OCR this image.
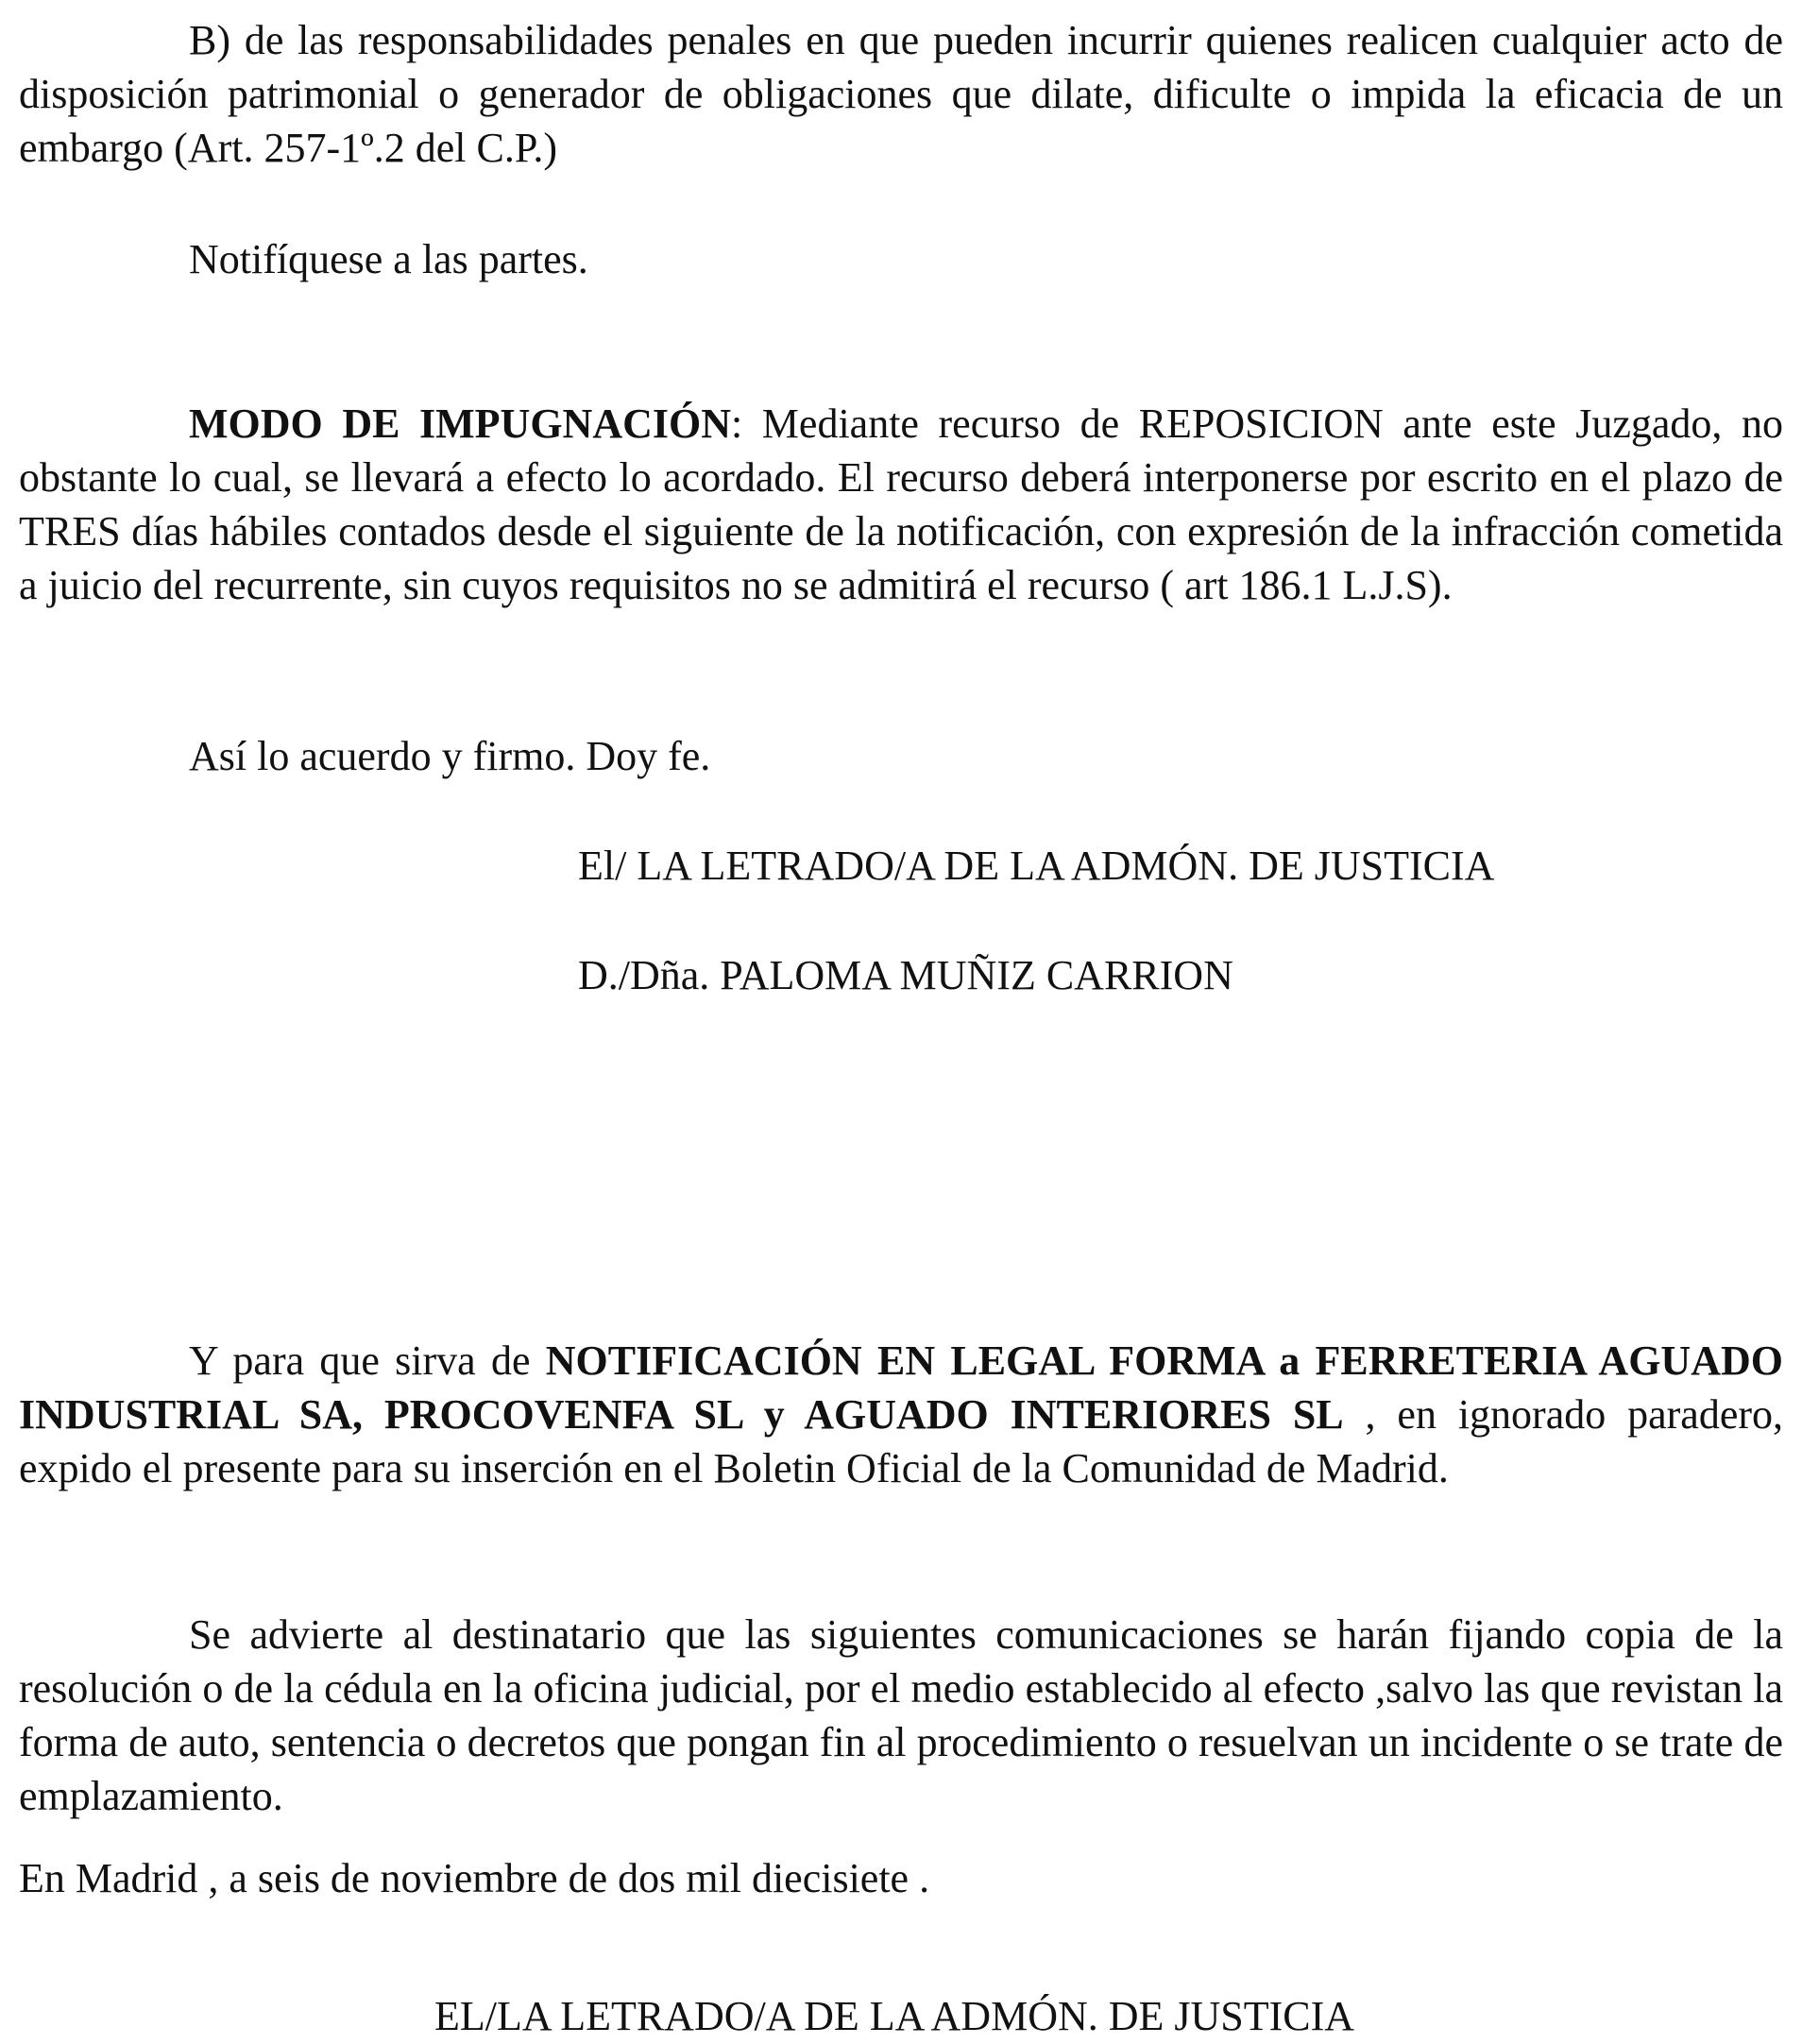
B) de las responsabilidades penales en que pueden incurrir quienes realicen cualquier acto de disposición patrimonial o generador de obligaciones que dilate, dificulte o impida la eficacia de un embargo (Art. 257-1º.2 del C.P.)

Notifíquese a las partes.

MODO DE IMPUGNACIÓN: Mediante recurso de REPOSICION ante este Juzgado, no obstante lo cual, se llevará a efecto lo acordado. El recurso deberá interponerse por escrito en el plazo de TRES días hábiles contados desde el siguiente de la notificación, con expresión de la infracción cometida a juicio del recurrente, sin cuyos requisitos no se admitirá el recurso ( art 186.1 L.J.S).

Así lo acuerdo y firmo. Doy fe.

El/ LA LETRADO/A DE LA ADMÓN. DE JUSTICIA

D./Dña. PALOMA MUÑIZ CARRION

Y para que sirva de NOTIFICACIÓN EN LEGAL FORMA a FERRETERIA AGUADO INDUSTRIAL SA, PROCOVENFA SL y AGUADO INTERIORES SL , en ignorado paradero, expido el presente para su inserción en el Boletin Oficial de la Comunidad de Madrid.

Se advierte al destinatario que las siguientes comunicaciones se harán fijando copia de la resolución o de la cédula en la oficina judicial, por el medio establecido al efecto ,salvo las que revistan la forma de auto, sentencia o decretos que pongan fin al procedimiento o resuelvan un incidente o se trate de emplazamiento.

En Madrid , a seis de noviembre de dos mil diecisiete .

EL/LA LETRADO/A DE LA ADMÓN. DE JUSTICIA
